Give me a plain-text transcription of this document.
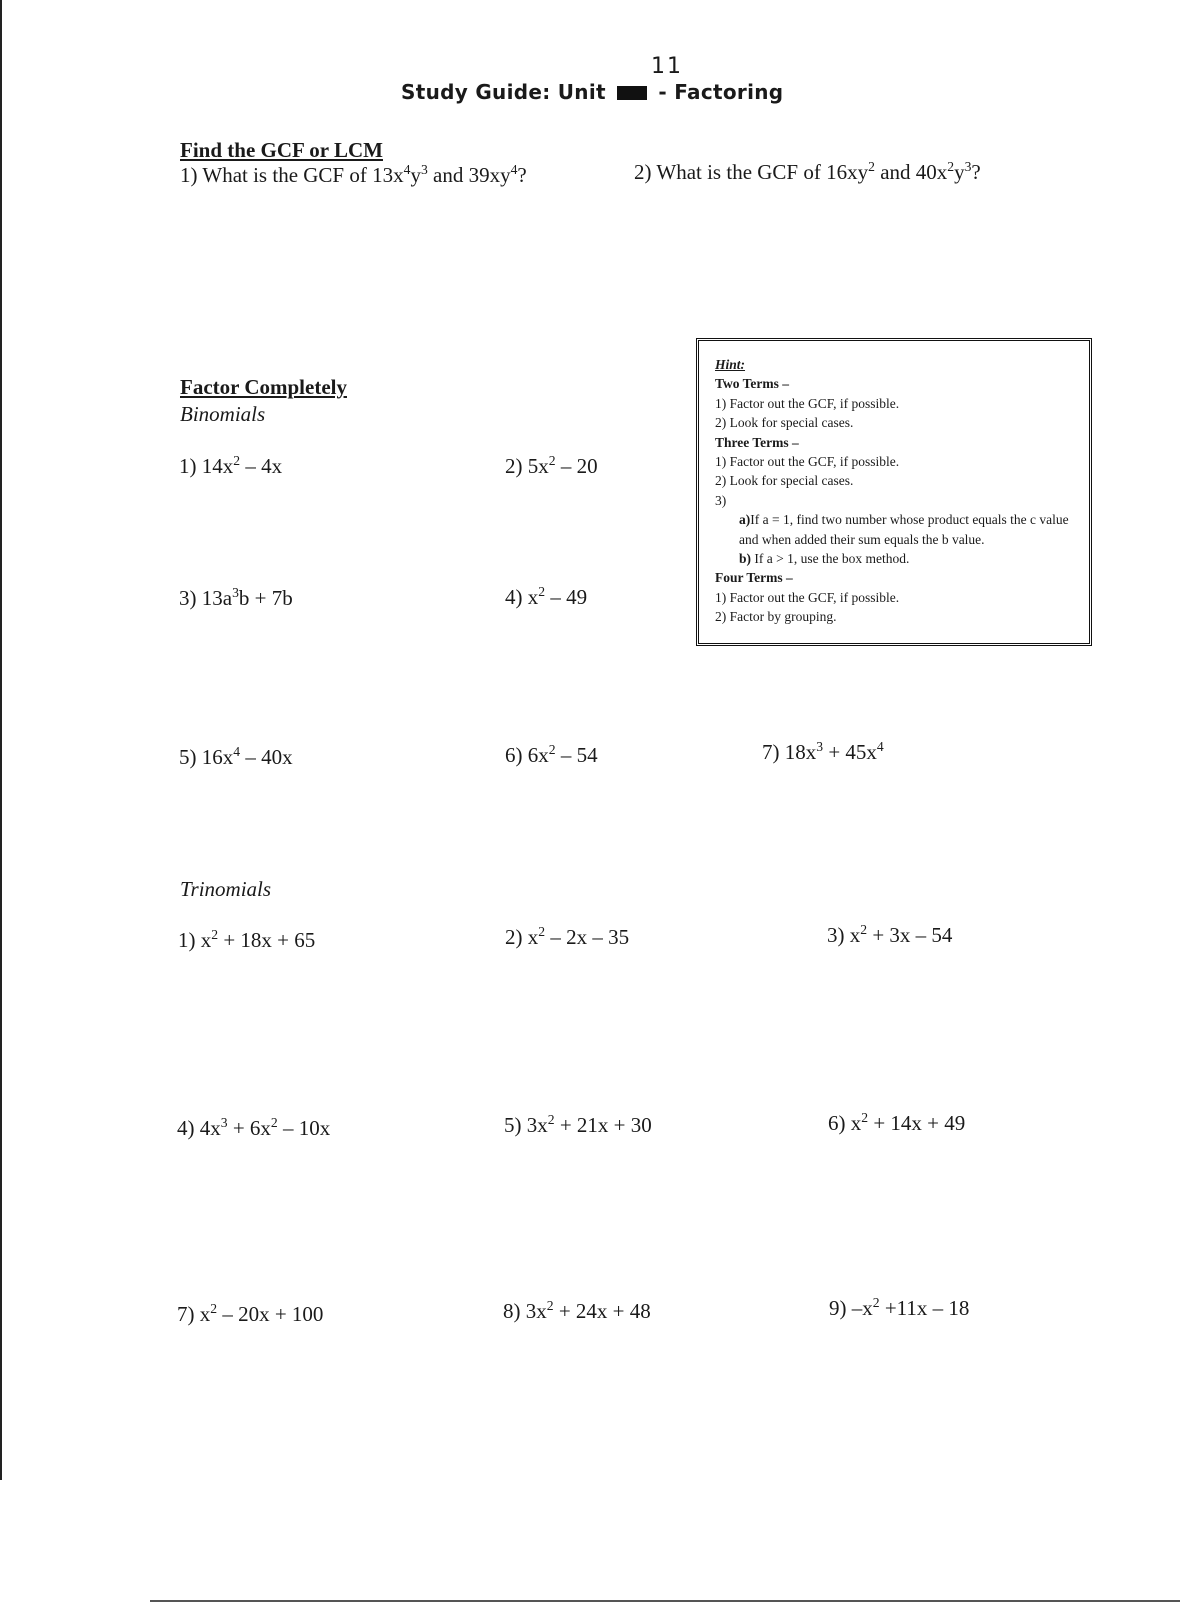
11
Study Guide: Unit	- Factoring
Find the GCF or LCM
1) What is the GCF of $13x^4y^3$ and $39xy^4$?	2) What is the GCF of $16xy^2$ and $40x^2y^3$?
Factor Completely
Binomials
1) $14x^2 - 4x$	2) $5x^2 - 20$
3) $13a^3b + 7b$	4) $x^2 - 49$
5) $16x^4 - 40x$	6) $6x^2 - 54$	7) $18x^3 + 45x^4$
Hint:
Two Terms –
1) Factor out the GCF, if possible.
2) Look for special cases.
Three Terms –
1) Factor out the GCF, if possible.
2) Look for special cases.
3)
a)If a = 1, find two number whose product equals the c value and when added their sum equals the b value.
b) If a > 1, use the box method.
Four Terms –
1) Factor out the GCF, if possible.
2) Factor by grouping.
Trinomials
1) $x^2 + 18x + 65$	2) $x^2 - 2x - 35$	3) $x^2 + 3x - 54$
4) $4x^3 + 6x^2 - 10x$	5) $3x^2 + 21x + 30$	6) $x^2 + 14x + 49$
7) $x^2 - 20x + 100$	8) $3x^2 + 24x + 48$	9) $-x^2 +11x - 18$
